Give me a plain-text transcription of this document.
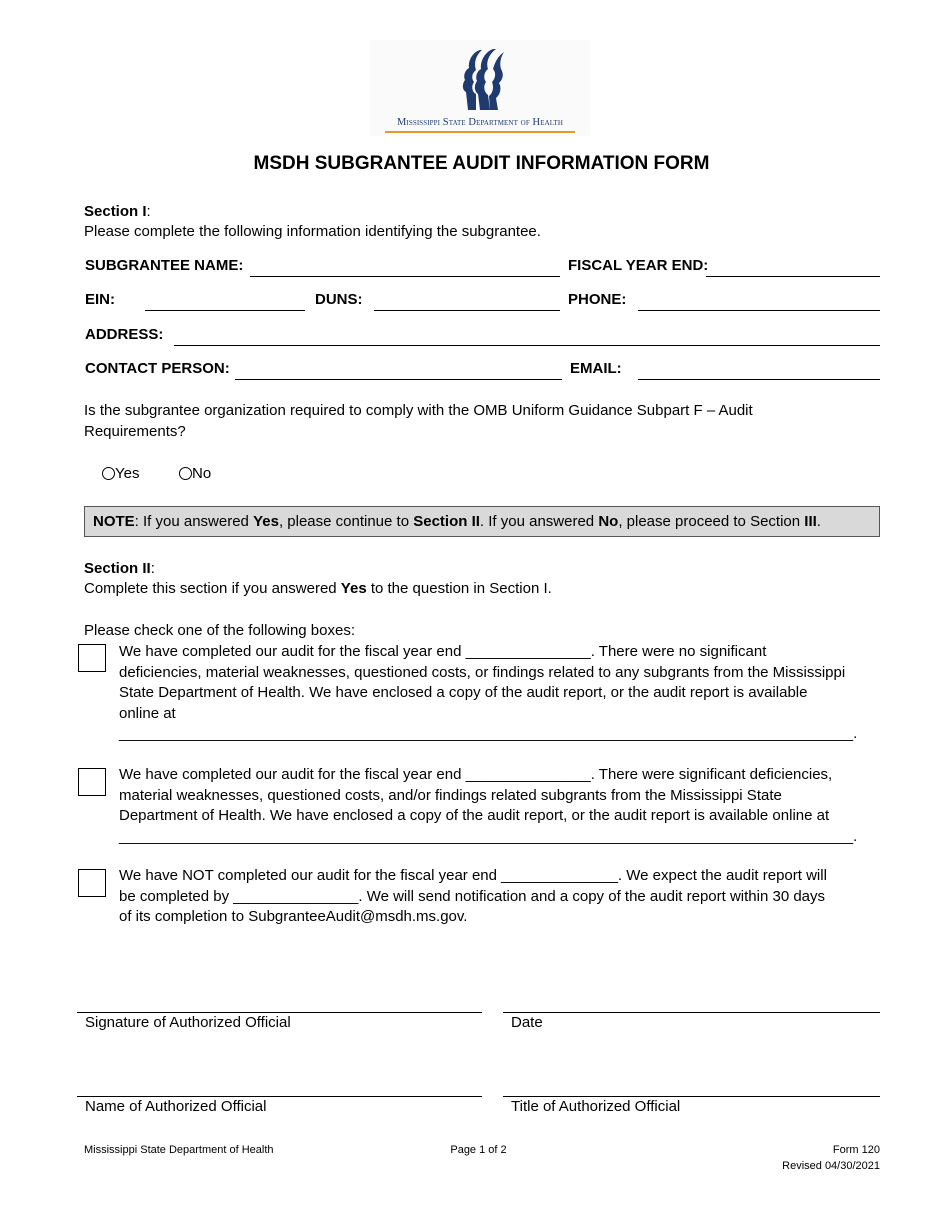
Mississippi State Department of Health
MSDH SUBGRANTEE AUDIT INFORMATION FORM
Section I:
Please complete the following information identifying the subgrantee.
SUBGRANTEE NAME:	FISCAL YEAR END:
EIN:	DUNS:	PHONE:
ADDRESS:
CONTACT PERSON:	EMAIL:
Is the subgrantee organization required to comply with the OMB Uniform Guidance Subpart F – Audit
Requirements?
Yes	No
NOTE: If you answered Yes, please continue to Section II. If you answered No, please proceed to Section III.
Section II:
Complete this section if you answered Yes to the question in Section I.
Please check one of the following boxes:
We have completed our audit for the fiscal year end _______________. There were no significant
deficiencies, material weaknesses, questioned costs, or findings related to any subgrants from the Mississippi
State Department of Health. We have enclosed a copy of the audit report, or the audit report is available
online at
________________________________________________________________________________________.
We have completed our audit for the fiscal year end _______________. There were significant deficiencies,
material weaknesses, questioned costs, and/or findings related subgrants from the Mississippi State
Department of Health. We have enclosed a copy of the audit report, or the audit report is available online at
________________________________________________________________________________________.
We have NOT completed our audit for the fiscal year end ______________. We expect the audit report will
be completed by _______________. We will send notification and a copy of the audit report within 30 days
of its completion to SubgranteeAudit@msdh.ms.gov.
Signature of Authorized Official	Date
Name of Authorized Official	Title of Authorized Official
Mississippi State Department of Health	Page 1 of 2	Form 120
Revised 04/30/2021
